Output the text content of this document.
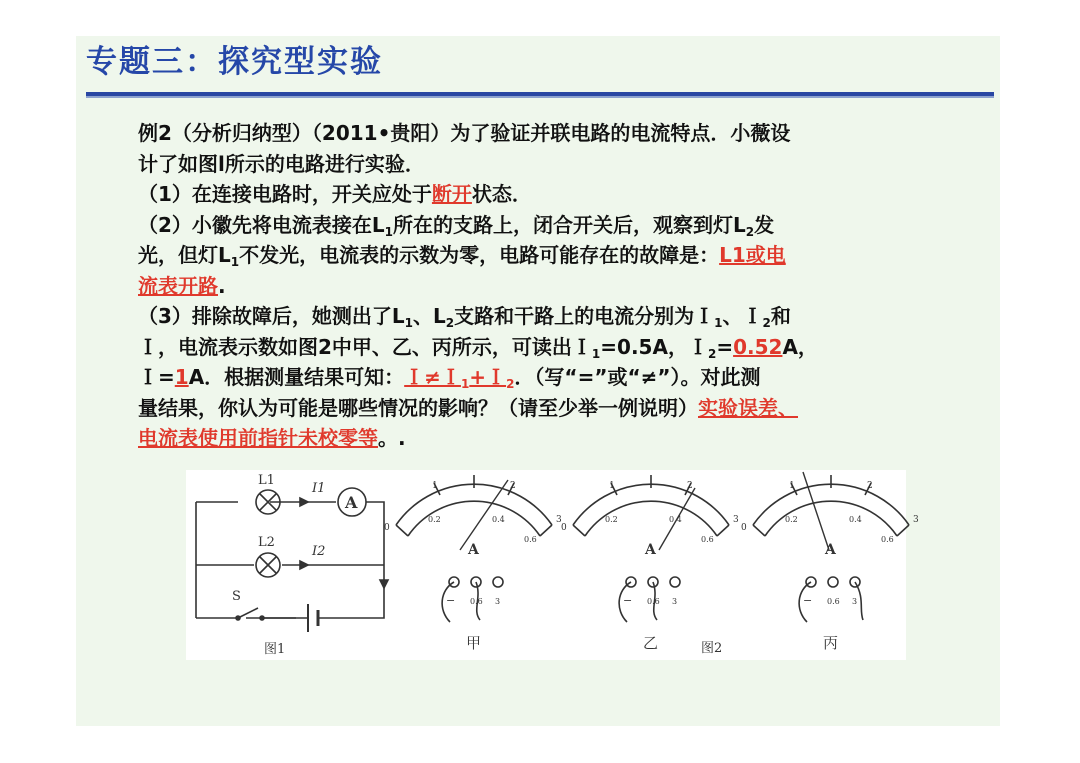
专题三：探究型实验

例2（分析归纳型）（2011•贵阳）为了验证并联电路的电流特点．小薇设

计了如图l所示的电路进行实验．

（1）在连接电路时，开关应处于断开状态．

（2）小徽先将电流表接在$L_1$所在的支路上，闭合开关后，观察到灯$L_2$发

光，但灯$L_1$不发光，电流表的示数为零，电路可能存在的故障是：L1或电

流表开路.

（3）排除故障后，她测出了$L_1$、$L_2$支路和干路上的电流分别为Ｉ$_1$、Ｉ$_2$和

Ｉ，电流表示数如图2中甲、乙、丙所示，可读出Ｉ$_1$=0.5A，Ｉ$_2$=0.52A，

Ｉ=1A．根据测量结果可知：Ｉ≠Ｉ$_1$+Ｉ$_2$．（写“=”或“≠”）。对此测

量结果，你认为可能是哪些情况的影响？（请至少举一例说明）实验误差、

电流表使用前指针未校零等。.

L1
L2
I1
I2
A
S
图1
0
1	2
3
0.2	0.4
0.6
A
− 0.6 3
甲
0
1	2
3
0.2	0.4
0.6
A
− 0.6 3
乙	图2
0
1	2
3
0.2	0.4
0.6
A
− 0.6 3
丙
